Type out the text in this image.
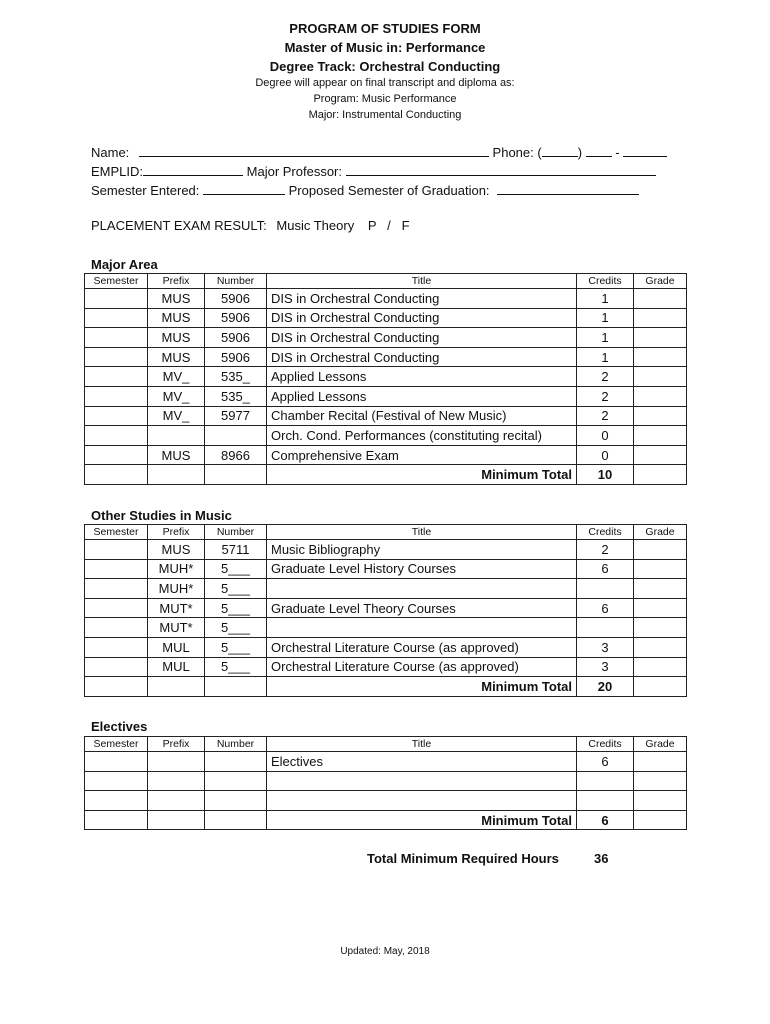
PROGRAM OF STUDIES FORM
Master of Music in: Performance
Degree Track: Orchestral Conducting
Degree will appear on final transcript and diploma as:
Program: Music Performance
Major: Instrumental Conducting
Name:	Phone: (	)	-
EMPLID:	Major Professor:
Semester Entered:	Proposed Semester of Graduation:
PLACEMENT EXAM RESULT: Music Theory P   /   F
Major Area
Semester	Prefix	Number	Title	Credits	Grade
	MUS	5906	DIS in Orchestral Conducting	1	
	MUS	5906	DIS in Orchestral Conducting	1	
	MUS	5906	DIS in Orchestral Conducting	1	
	MUS	5906	DIS in Orchestral Conducting	1	
	MV_	535_	Applied Lessons	2	
	MV_	535_	Applied Lessons	2	
	MV_	5977	Chamber Recital (Festival of New Music)	2	
			Orch. Cond. Performances (constituting recital)	0	
	MUS	8966	Comprehensive Exam	0	
			Minimum Total	10	
Other Studies in Music
Semester	Prefix	Number	Title	Credits	Grade
	MUS	5711	Music Bibliography	2	
	MUH*	5___	Graduate Level History Courses	6	
	MUH*	5___			
	MUT*	5___	Graduate Level Theory Courses	6	
	MUT*	5___			
	MUL	5___	Orchestral Literature Course (as approved)	3	
	MUL	5___	Orchestral Literature Course (as approved)	3	
			Minimum Total	20	
Electives
Semester	Prefix	Number	Title	Credits	Grade
			Electives	6	

			Minimum Total	6	
Total Minimum Required Hours	36
Updated: May, 2018
